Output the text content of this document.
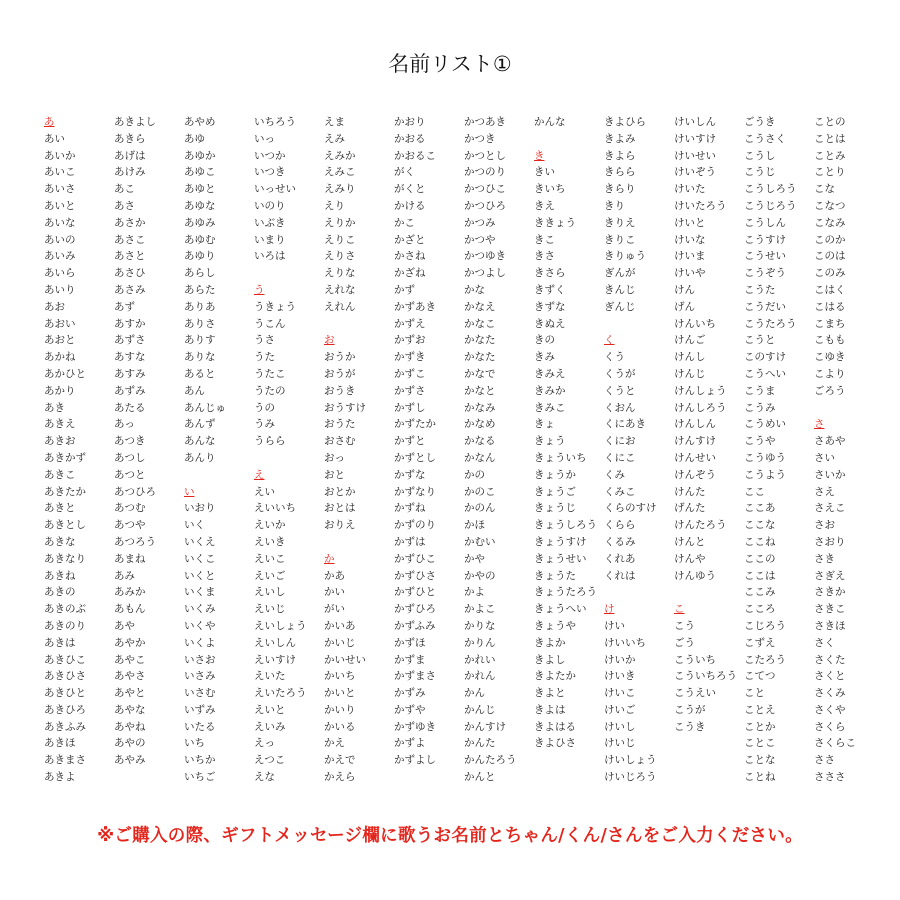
名前リスト①
あ
あい
あいか
あいこ
あいさ
あいと
あいな
あいの
あいみ
あいら
あいり
あお
あおい
あおと
あかね
あかひと
あかり
あき
あきえ
あきお
あきかず
あきこ
あきたか
あきと
あきとし
あきな
あきなり
あきね
あきの
あきのぶ
あきのり
あきは
あきひこ
あきひさ
あきひと
あきひろ
あきふみ
あきほ
あきまさ
あきよ
あきよし
あきら
あげは
あけみ
あこ
あさ
あさか
あさこ
あさと
あさひ
あさみ
あず
あすか
あずさ
あすな
あすみ
あずみ
あたる
あっ
あつき
あつし
あつと
あつひろ
あつむ
あつや
あつろう
あまね
あみ
あみか
あもん
あや
あやか
あやこ
あやさ
あやと
あやな
あやね
あやの
あやみ
あやめ
あゆ
あゆか
あゆこ
あゆと
あゆな
あゆみ
あゆむ
あゆり
あらし
あらた
ありあ
ありさ
ありす
ありな
あると
あん
あんじゅ
あんず
あんな
あんり
い
いおり
いく
いくえ
いくこ
いくと
いくま
いくみ
いくや
いくよ
いさお
いさみ
いさむ
いずみ
いたる
いち
いちか
いちご
いちろう
いっ
いつか
いつき
いっせい
いのり
いぶき
いまり
いろは
う
うきょう
うこん
うさ
うた
うたこ
うたの
うの
うみ
うらら
え
えい
えいいち
えいか
えいき
えいこ
えいご
えいし
えいじ
えいしょう
えいしん
えいすけ
えいた
えいたろう
えいと
えいみ
えっ
えつこ
えな
えま
えみ
えみか
えみこ
えみり
えり
えりか
えりこ
えりさ
えりな
えれな
えれん
お
おうか
おうが
おうき
おうすけ
おうた
おさむ
おっ
おと
おとか
おとは
おりえ
か
かあ
かい
がい
かいあ
かいじ
かいせい
かいち
かいと
かいり
かいる
かえ
かえで
かえら
かおり
かおる
かおるこ
がく
がくと
かける
かこ
かざと
かさね
かざね
かず
かずあき
かずえ
かずお
かずき
かずこ
かずさ
かずし
かずたか
かずと
かずとし
かずな
かずなり
かずね
かずのり
かずは
かずひこ
かずひさ
かずひと
かずひろ
かずふみ
かずほ
かずま
かずまさ
かずみ
かずや
かずゆき
かずよ
かずよし
かつあき
かつき
かつとし
かつのり
かつひこ
かつひろ
かつみ
かつや
かつゆき
かつよし
かな
かなえ
かなこ
かなた
かなた
かなで
かなと
かなみ
かなめ
かなる
かなん
かの
かのこ
かのん
かほ
かむい
かや
かやの
かよ
かよこ
かりな
かりん
かれい
かれん
かん
かんじ
かんすけ
かんた
かんたろう
かんと
かんな
き
きい
きいち
きえ
ききょう
きこ
きさ
きさら
きずく
きずな
きぬえ
きの
きみ
きみえ
きみか
きみこ
きょ
きょう
きょういち
きょうか
きょうご
きょうじ
きょうしろう
きょうすけ
きょうせい
きょうた
きょうたろう
きょうへい
きょうや
きよか
きよし
きよたか
きよと
きよは
きよはる
きよひさ
きよひら
きよみ
きよら
きらら
きらり
きり
きりえ
きりこ
きりゅう
ぎんが
きんじ
ぎんじ
く
くう
くうが
くうと
くおん
くにあき
くにお
くにこ
くみ
くみこ
くらのすけ
くらら
くるみ
くれあ
くれは
け
けい
けいいち
けいか
けいき
けいこ
けいご
けいし
けいじ
けいしょう
けいじろう
けいしん
けいすけ
けいせい
けいぞう
けいた
けいたろう
けいと
けいな
けいま
けいや
けん
げん
けんいち
けんご
けんし
けんじ
けんしょう
けんしろう
けんしん
けんすけ
けんせい
けんぞう
けんた
げんた
けんたろう
けんと
けんや
けんゆう
こ
こう
ごう
こういち
こういちろう
こうえい
こうが
こうき
ごうき
こうさく
こうし
こうじ
こうしろう
こうじろう
こうしん
こうすけ
こうせい
こうぞう
こうた
こうだい
こうたろう
こうと
このすけ
こうへい
こうま
こうみ
こうめい
こうや
こうゆう
こうよう
ここ
ここあ
ここな
ここね
ここの
ここは
ここみ
こころ
こじろう
こずえ
こたろう
こてつ
こと
ことえ
ことか
ことこ
ことな
ことね
ことの
ことは
ことみ
ことり
こな
こなつ
こなみ
このか
このは
このみ
こはく
こはる
こまち
こもも
こゆき
こより
ごろう
さ
さあや
さい
さいか
さえ
さえこ
さお
さおり
さき
さぎえ
さきか
さきこ
さきほ
さく
さくた
さくと
さくみ
さくや
さくら
さくらこ
ささ
さささ
※ご購入の際、ギフトメッセージ欄に歌うお名前とちゃん/くん/さんをご入力ください。
